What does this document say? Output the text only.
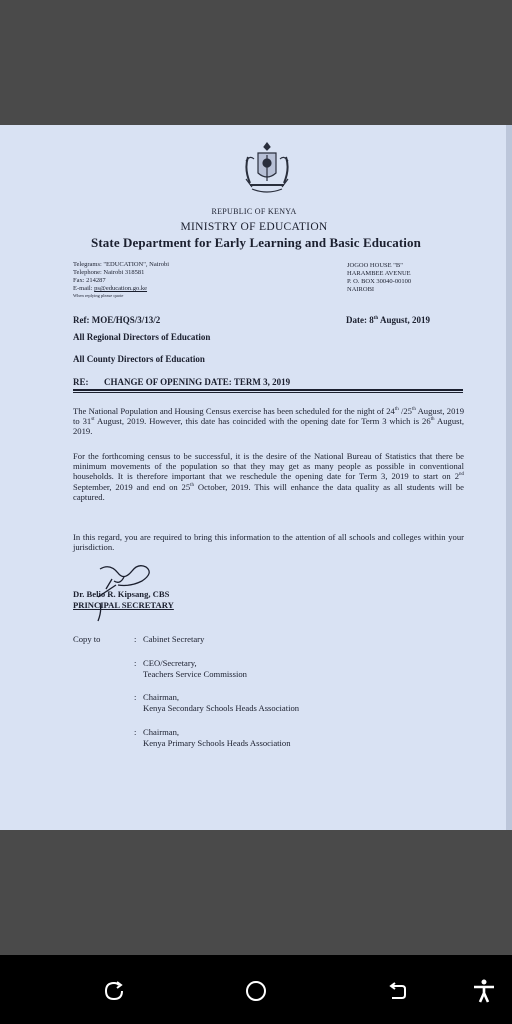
REPUBLIC OF KENYA
MINISTRY OF EDUCATION
State Department for Early Learning and Basic Education
Telegrams: "EDUCATION", Nairobi
Telephone: Nairobi 318581
Fax: 214287
E-mail: ps@education.go.ke
When replying please quote
JOGOO HOUSE "B"
HARAMBEE AVENUE
P. O. BOX 30040-00100
NAIROBI
Ref: MOE/HQS/3/13/2	Date: 8th August, 2019
All Regional Directors of Education
All County Directors of Education
RE: CHANGE OF OPENING DATE: TERM 3, 2019
The National Population and Housing Census exercise has been scheduled for the night of 24th /25th August, 2019 to 31st August, 2019. However, this date has coincided with the opening date for Term 3 which is 26th August, 2019.
For the forthcoming census to be successful, it is the desire of the National Bureau of Statistics that there be minimum movements of the population so that they may get as many people as possible in conventional households. It is therefore important that we reschedule the opening date for Term 3, 2019 to start on 2nd September, 2019 and end on 25th October, 2019. This will enhance the data quality as all students will be captured.
In this regard, you are required to bring this information to the attention of all schools and colleges within your jurisdiction.
Dr. Belio R. Kipsang, CBS
PRINCIPAL SECRETARY
Copy to	: Cabinet Secretary
: CEO/Secretary,
Teachers Service Commission
: Chairman,
Kenya Secondary Schools Heads Association
: Chairman,
Kenya Primary Schools Heads Association
